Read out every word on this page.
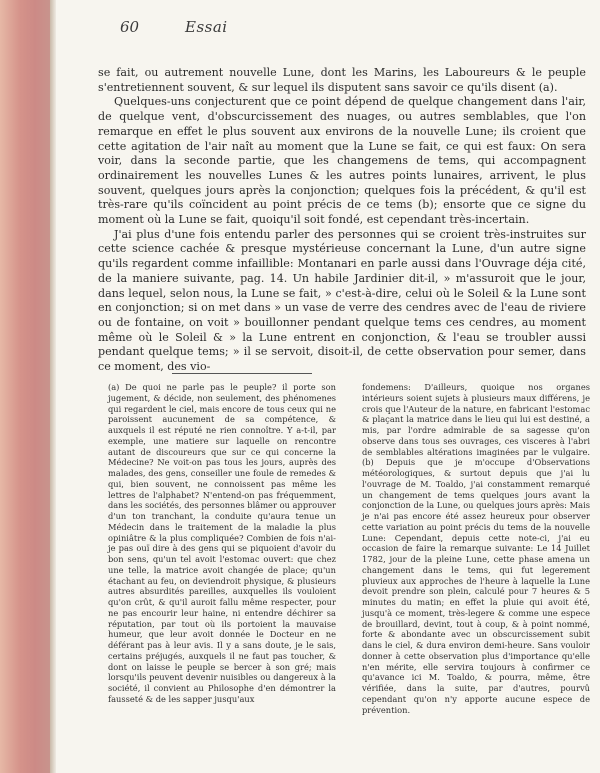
60	Essai

se fait, ou autrement nouvelle Lune, dont les Marins, les Laboureurs & le peuple s'entretiennent souvent, & sur lequel ils disputent sans savoir ce qu'ils disent (a).

Quelques-uns conjecturent que ce point dépend de quelque changement dans l'air, de quelque vent, d'obscurcissement des nuages, ou autres semblables, que l'on remarque en effet le plus souvent aux environs de la nouvelle Lune; ils croient que cette agitation de l'air naît au moment que la Lune se fait, ce qui est faux: On sera voir, dans la seconde partie, que les changemens de tems, qui accompagnent ordinairement les nouvelles Lunes & les autres points lunaires, arrivent, le plus souvent, quelques jours après la conjonction; quelques fois la précédent, & qu'il est très-rare qu'ils coïncident au point précis de ce tems (b); ensorte que ce signe du moment où la Lune se fait, quoiqu'il soit fondé, est cependant très-incertain.

J'ai plus d'une fois entendu parler des personnes qui se croient très-instruites sur cette science cachée & presque mystérieuse concernant la Lune, d'un autre signe qu'ils regardent comme infaillible: Montanari en parle aussi dans l'Ouvrage déja cité, de la maniere suivante, pag. 14. Un habile Jardinier dit-il, » m'assuroit que le jour, dans lequel, selon nous, la Lune se fait, » c'est-à-dire, celui où le Soleil & la Lune sont en conjonction; si on met dans » un vase de verre des cendres avec de l'eau de riviere ou de fontaine, on voit » bouillonner pendant quelque tems ces cendres, au moment même où le Soleil & » la Lune entrent en conjonction, & l'eau se troubler aussi pendant quelque tems; » il se servoit, disoit-il, de cette observation pour semer, dans ce moment, des vio-

(a) De quoi ne parle pas le peuple? il porte son jugement, & décide, non seulement, des phénomenes qui regardent le ciel, mais encore de tous ceux qui ne paroissent aucunement de sa compétence, & auxquels il est réputé ne rien connoître. Y a-t-il, par exemple, une matiere sur laquelle on rencontre autant de discoureurs que sur ce qui concerne la Médecine? Ne voit-on pas tous les jours, auprès des malades, des gens, conseiller une foule de remedes & qui, bien souvent, ne connoissent pas même les lettres de l'alphabet? N'entend-on pas fréquemment, dans les sociétés, des personnes blâmer ou approuver d'un ton tranchant, la conduite qu'aura tenue un Médecin dans le traitement de la maladie la plus opiniâtre & la plus compliquée? Combien de fois n'ai-je pas ouï dire à des gens qui se piquoient d'avoir du bon sens, qu'un tel avoit l'estomac ouvert: que chez une telle, la matrice avoit changée de place; qu'un étachant au feu, on deviendroit physique, & plusieurs autres absurdités pareilles, auxquelles ils vouloient qu'on crût, & qu'il auroit fallu même respecter, pour ne pas encourir leur haine, ni entendre déchirer sa réputation, par tout où ils portoient la mauvaise humeur, que leur avoit donnée le Docteur en ne déférant pas à leur avis. Il y a sans doute, je le sais, certains préjugés, auxquels il ne faut pas toucher, & dont on laisse le peuple se bercer à son gré; mais lorsqu'ils peuvent devenir nuisibles ou dangereux à la société, il convient au Philosophe d'en démontrer la fausseté & de les sapper jusqu'aux
fondemens: D'ailleurs, quoique nos organes intérieurs soient sujets à plusieurs maux différens, je crois que l'Auteur de la nature, en fabricant l'estomac & plaçant la matrice dans le lieu qui lui est destiné, a mis, par l'ordre admirable de sa sagesse qu'on observe dans tous ses ouvrages, ces visceres à l'abri de semblables altérations imaginées par le vulgaire. (b) Depuis que je m'occupe d'Observations météorologiques, & surtout depuis que j'ai lu l'ouvrage de M. Toaldo, j'ai constamment remarqué un changement de tems quelques jours avant la conjonction de la Lune, ou quelques jours après: Mais je n'ai pas encore été assez heureux pour observer cette variation au point précis du tems de la nouvelle Lune: Cependant, depuis cette note-ci, j'ai eu occasion de faire la remarque suivante: Le 14 Juillet 1782, jour de la pleine Lune, cette phase amena un changement dans le tems, qui fut legerement pluvieux aux approches de l'heure à laquelle la Lune devoit prendre son plein, calculé pour 7 heures & 5 minutes du matin; en effet la pluie qui avoit été, jusqu'à ce moment, très-legere & comme une espece de brouillard, devint, tout à coup, & à point nommé, forte & abondante avec un obscurcissement subit dans le ciel, & dura environ demi-heure. Sans vouloir donner à cette observation plus d'importance qu'elle n'en mérite, elle servira toujours à confirmer ce qu'avance ici M. Toaldo, & pourra, même, être vérifiée, dans la suite, par d'autres, pourvû cependant qu'on n'y apporte aucune espece de prévention.
